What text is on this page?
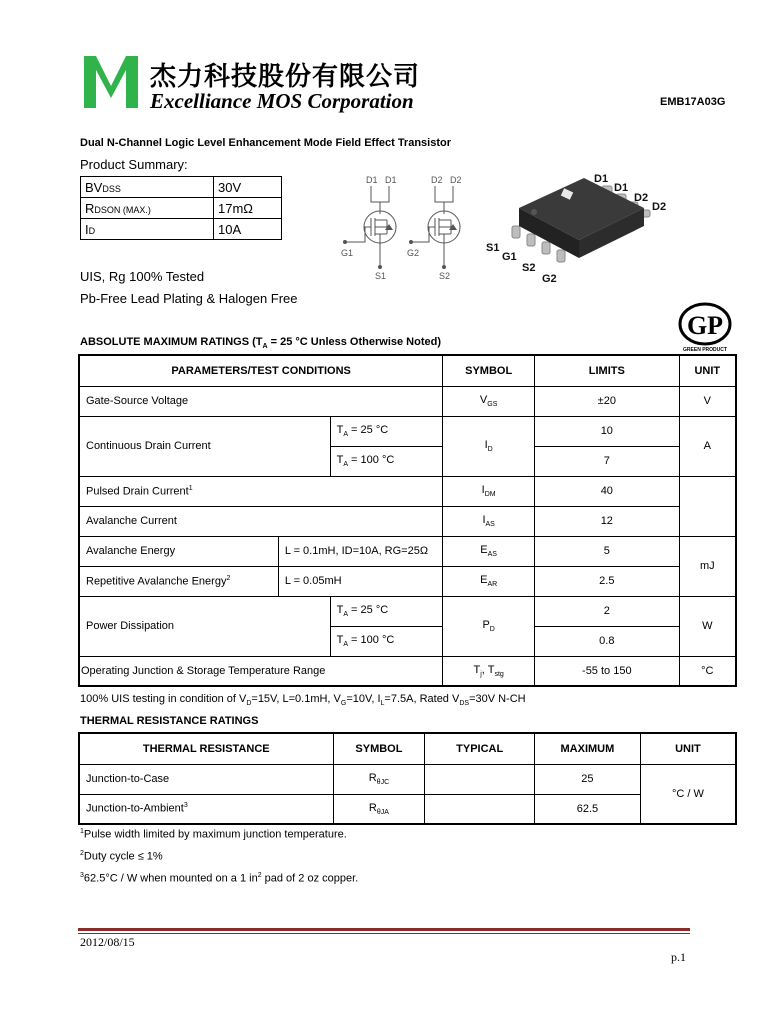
杰力科技股份有限公司
Excelliance MOS Corporation	EMB17A03G
Dual N-Channel Logic Level Enhancement Mode Field Effect Transistor
Product Summary:
BVDSS	30V
RDSON (MAX.)	17mΩ
ID	10A
UIS, Rg 100% Tested
Pb-Free Lead Plating & Halogen Free
D1 D1	D2 D2
G1	G2
S1	S2
D1
D1
D2
D2
S1
G1
S2
G2
GP
GREEN PRODUCT
ABSOLUTE MAXIMUM RATINGS ($T_A = 25$ °C Unless Otherwise Noted)
PARAMETERS/TEST CONDITIONS			SYMBOL	LIMITS	UNIT
Gate-Source Voltage			$V_{GS}$	±20	V
Continuous Drain Current		$T_A = 25$ °C	$I_D$	10	A
		$T_A = 100$ °C		7	
Pulsed Drain Current$^1$			$I_{DM}$	40	
Avalanche Current			$I_{AS}$	12	
Avalanche Energy	L = 0.1mH, ID=10A, RG=25Ω		$E_{AS}$	5	mJ
Repetitive Avalanche Energy$^2$	L = 0.05mH		$E_{AR}$	2.5	
Power Dissipation		$T_A = 25$ °C	$P_D$	2	W
		$T_A = 100$ °C		0.8	
Operating Junction & Storage Temperature Range			$T_j$, $T_{stg}$	-55 to 150	°C
100% UIS testing in condition of $V_D=15V$, L=0.1mH, $V_G=10V$, $I_L=7.5A$, Rated $V_{DS}=30V$ N-CH
THERMAL RESISTANCE RATINGS
THERMAL RESISTANCE	SYMBOL	TYPICAL	MAXIMUM	UNIT
Junction-to-Case	$R_{\theta JC}$		25	°C / W
Junction-to-Ambient$^3$	$R_{\theta JA}$		62.5	
$^1$Pulse width limited by maximum junction temperature.
$^2$Duty cycle ≤ 1%
$^3$62.5°C / W when mounted on a 1 $in^2$ pad of 2 oz copper.
2012/08/15
p.1
